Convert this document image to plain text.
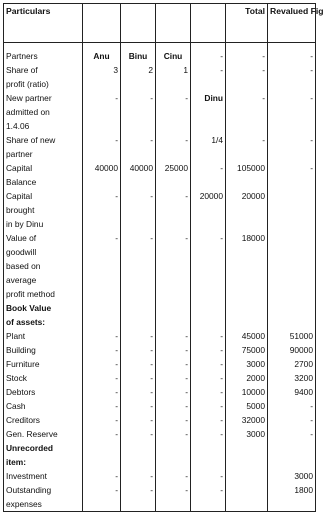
Particulars					Total	Revalued Fig

Partners	Anu	Binu	Cinu	-	-	-

Share of
profit (ratio)	3	2	1	-	-	-

New partner
admitted on
1.4.06	-	-	-	Dinu	-	-

Share of new
partner	-	-	-	1/4	-	-

Capital
Balance	40000	40000	25000	-	105000	-

Capital
brought
in by Dinu	-	-	-	20000	20000	

Value of
goodwill
based on
average
profit method	-	-	-	-	18000	

Book Value
of assets:						

Plant	-	-	-	-	45000	51000

Building	-	-	-	-	75000	90000

Furniture	-	-	-	-	3000	2700

Stock	-	-	-	-	2000	3200

Debtors	-	-	-	-	10000	9400

Cash	-	-	-	-	5000	-

Creditors	-	-	-	-	32000	-

Gen. Reserve	-	-	-	-	3000	-

Unrecorded
item:						

Investment	-	-	-	-		3000

Outstanding
expenses	-	-	-	-		1800
